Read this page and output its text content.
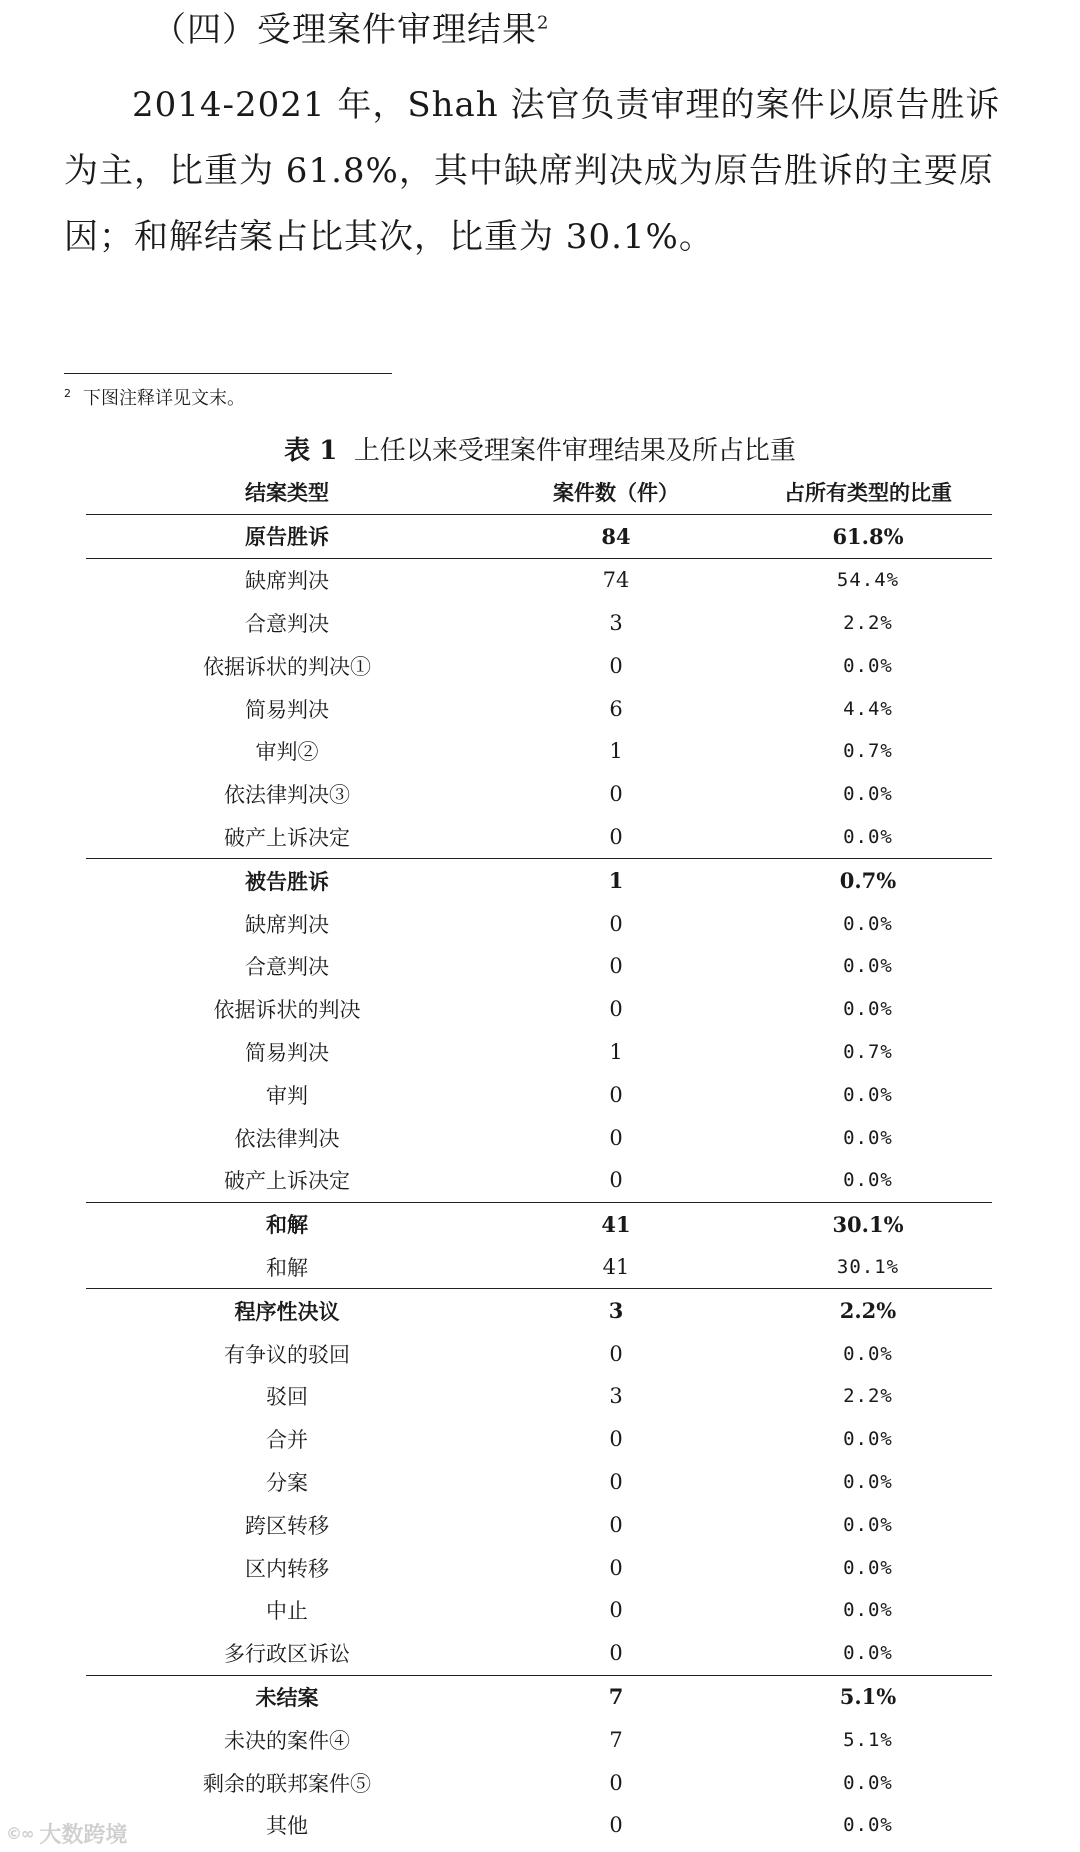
（四）受理案件审理结果$^2$

2014-2021 年，Shah 法官负责审理的案件以原告胜诉为主，比重为 61.8%，其中缺席判决成为原告胜诉的主要原因；和解结案占比其次，比重为 30.1%。

$^2$ 下图注释详见文末。
表 1 上任以来受理案件审理结果及所占比重
结案类型	案件数（件）	占所有类型的比重
原告胜诉	84	61.8%
缺席判决	74	54.4%
合意判决	3	2.2%
依据诉状的判决①	0	0.0%
简易判决	6	4.4%
审判②	1	0.7%
依法律判决③	0	0.0%
破产上诉决定	0	0.0%
被告胜诉	1	0.7%
缺席判决	0	0.0%
合意判决	0	0.0%
依据诉状的判决	0	0.0%
简易判决	1	0.7%
审判	0	0.0%
依法律判决	0	0.0%
破产上诉决定	0	0.0%
和解	41	30.1%
和解	41	30.1%
程序性决议	3	2.2%
有争议的驳回	0	0.0%
驳回	3	2.2%
合并	0	0.0%
分案	0	0.0%
跨区转移	0	0.0%
区内转移	0	0.0%
中止	0	0.0%
多行政区诉讼	0	0.0%
未结案	7	5.1%
未决的案件④	7	5.1%
剩余的联邦案件⑤	0	0.0%
其他	0	0.0%
©∞ 大数跨境
